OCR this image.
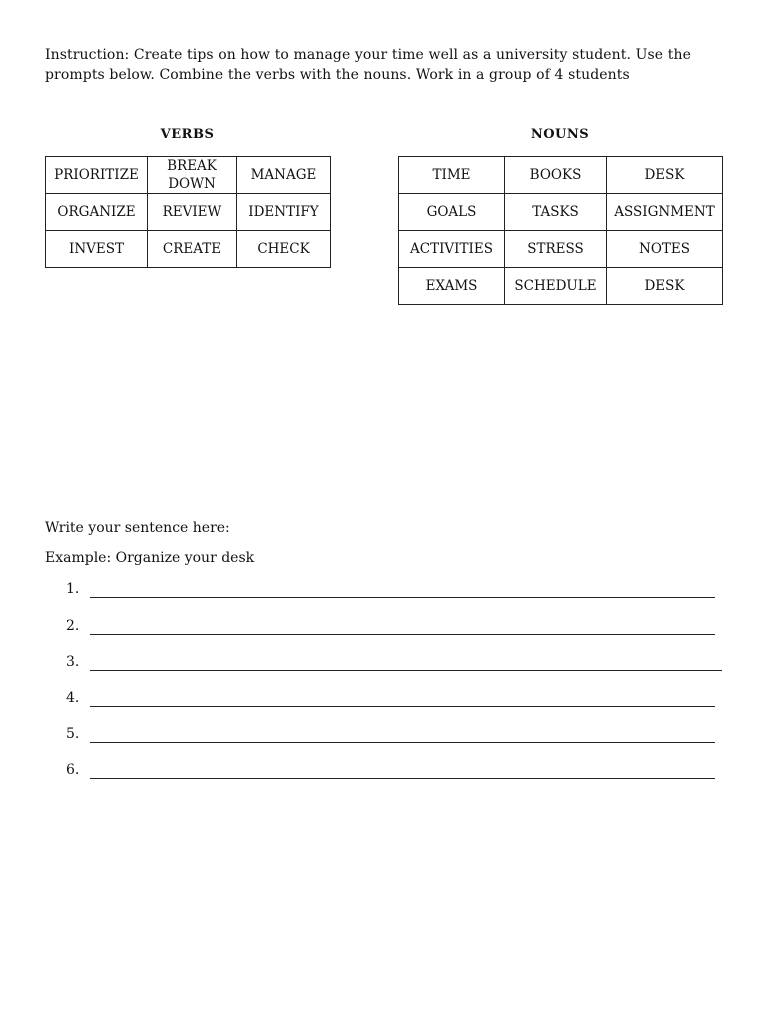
Instruction: Create tips on how to manage your time well as a university student. Use the prompts below. Combine the verbs with the nouns. Work in a group of 4 students
VERBS	NOUNS
PRIORITIZE	BREAK DOWN	MANAGE
ORGANIZE	REVIEW	IDENTIFY
INVEST	CREATE	CHECK
TIME	BOOKS	DESK
GOALS	TASKS	ASSIGNMENT
ACTIVITIES	STRESS	NOTES
EXAMS	SCHEDULE	DESK
Write your sentence here:
Example: Organize your desk
1.
2.
3.
4.
5.
6.
